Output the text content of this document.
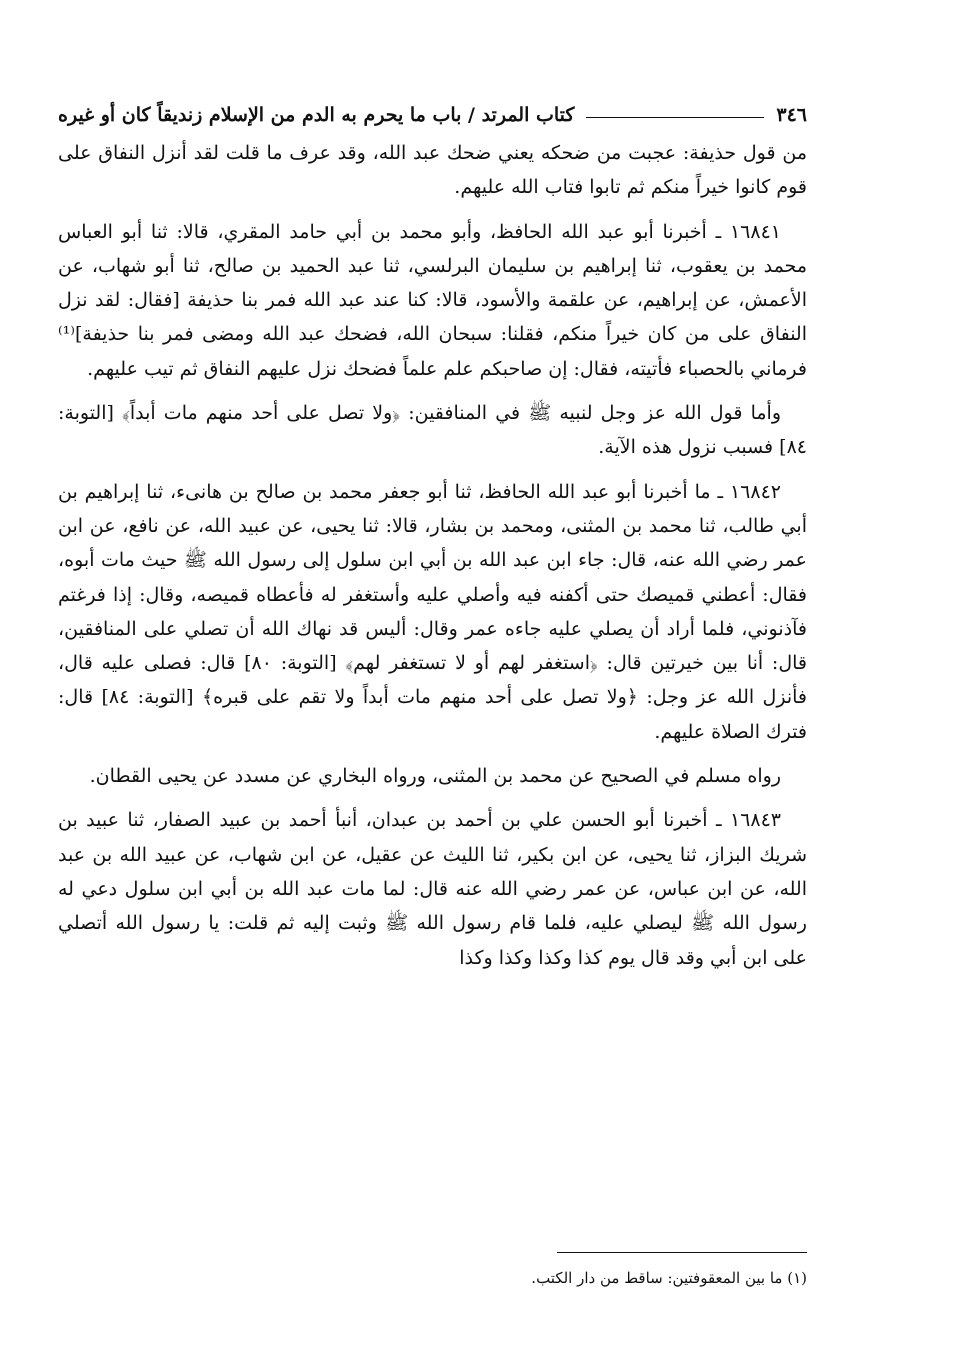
٣٤٦
كتاب المرتد / باب ما يحرم به الدم من الإسلام زنديقاً كان أو غيره

من قول حذيفة: عجبت من ضحكه يعني ضحك عبد الله، وقد عرف ما قلت لقد أنزل النفاق على قوم كانوا خيراً منكم ثم تابوا فتاب الله عليهم.

١٦٨٤١ ـ أخبرنا أبو عبد الله الحافظ، وأبو محمد بن أبي حامد المقري، قالا: ثنا أبو العباس محمد بن يعقوب، ثنا إبراهيم بن سليمان البرلسي، ثنا عبد الحميد بن صالح، ثنا أبو شهاب، عن الأعمش، عن إبراهيم، عن علقمة والأسود، قالا: كنا عند عبد الله فمر بنا حذيفة [فقال: لقد نزل النفاق على من كان خيراً منكم، فقلنا: سبحان الله، فضحك عبد الله ومضى فمر بنا حذيفة]⁽¹⁾ فرماني بالحصباء فأتيته، فقال: إن صاحبكم علم علماً فضحك نزل عليهم النفاق ثم تيب عليهم.

وأما قول الله عز وجل لنبيه ﷺ في المنافقين: ﴿ولا تصل على أحد منهم مات أبداً﴾ [التوبة: ٨٤] فسبب نزول هذه الآية.

١٦٨٤٢ ـ ما أخبرنا أبو عبد الله الحافظ، ثنا أبو جعفر محمد بن صالح بن هانىء، ثنا إبراهيم بن أبي طالب، ثنا محمد بن المثنى، ومحمد بن بشار، قالا: ثنا يحيى، عن عبيد الله، عن نافع، عن ابن عمر رضي الله عنه، قال: جاء ابن عبد الله بن أبي ابن سلول إلى رسول الله ﷺ حيث مات أبوه، فقال: أعطني قميصك حتى أكفنه فيه وأصلي عليه وأستغفر له فأعطاه قميصه، وقال: إذا فرغتم فآذنوني، فلما أراد أن يصلي عليه جاءه عمر وقال: أليس قد نهاك الله أن تصلي على المنافقين، قال: أنا بين خيرتين قال: ﴿استغفر لهم أو لا تستغفر لهم﴾ [التوبة: ٨٠] قال: فصلى عليه قال، فأنزل الله عز وجل: ﴿ولا تصل على أحد منهم مات أبداً ولا تقم على قبره﴾ [التوبة: ٨٤] قال: فترك الصلاة عليهم.

رواه مسلم في الصحيح عن محمد بن المثنى، ورواه البخاري عن مسدد عن يحيى القطان.

١٦٨٤٣ ـ أخبرنا أبو الحسن علي بن أحمد بن عبدان، أنبأ أحمد بن عبيد الصفار، ثنا عبيد بن شريك البزاز، ثنا يحيى، عن ابن بكير، ثنا الليث عن عقيل، عن ابن شهاب، عن عبيد الله بن عبد الله، عن ابن عباس، عن عمر رضي الله عنه قال: لما مات عبد الله بن أبي ابن سلول دعي له رسول الله ﷺ ليصلي عليه، فلما قام رسول الله ﷺ وثبت إليه ثم قلت: يا رسول الله أتصلي على ابن أبي وقد قال يوم كذا وكذا وكذا وكذا

(١) ما بين المعقوفتين: ساقط من دار الكتب.
